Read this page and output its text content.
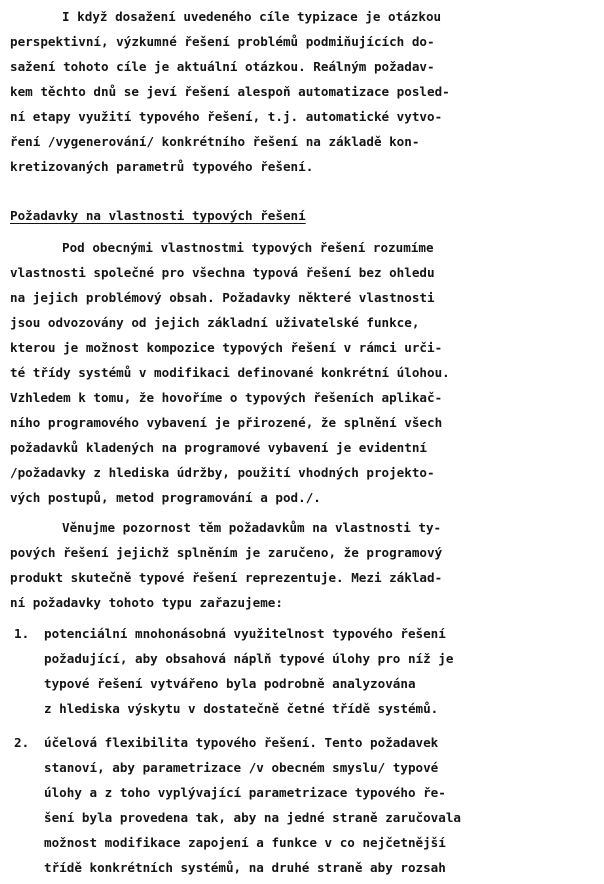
I když dosažení uvedeného cíle typizace je otázkou
perspektivní, výzkumné řešení problémů podmiňujících do-
sažení tohoto cíle je aktuální otázkou. Reálným požadav-
kem těchto dnů se jeví řešení alespoň automatizace posled-
ní etapy využití typového řešení, t.j. automatické vytvo-
ření /vygenerování/ konkrétního řešení na základě kon-
kretizovaných parametrů typového řešení.
Požadavky na vlastnosti typových řešení
Pod obecnými vlastnostmi typových řešení rozumíme
vlastnosti společné pro všechna typová řešení bez ohledu
na jejich problémový obsah. Požadavky některé vlastnosti
jsou odvozovány od jejich základní uživatelské funkce,
kterou je možnost kompozice typových řešení v rámci urči-
té třídy systémů v modifikaci definované konkrétní úlohou.
Vzhledem k tomu, že hovoříme o typových řešeních aplikač-
ního programového vybavení je přirozené, že splnění všech
požadavků kladených na programové vybavení je evidentní
/požadavky z hlediska údržby, použití vhodných projekto-
vých postupů, metod programování a pod./.
Věnujme pozornost těm požadavkům na vlastnosti ty-
pových řešení jejichž splněním je zaručeno, že programový
produkt skutečně typové řešení reprezentuje. Mezi základ-
ní požadavky tohoto typu zařazujeme:
1. potenciální mnohonásobná využitelnost typového řešení
požadující, aby obsahová náplň typové úlohy pro níž je
typové řešení vytvářeno byla podrobně analyzována
z hlediska výskytu v dostatečně četné třídě systémů.
2. účelová flexibilita typového řešení. Tento požadavek
stanoví, aby parametrizace /v obecném smyslu/ typové
úlohy a z toho vyplývající parametrizace typového ře-
šení byla provedena tak, aby na jedné straně zaručovala
možnost modifikace zapojení a funkce v co nejčetnější
třídě konkrétních systémů, na druhé straně aby rozsah
